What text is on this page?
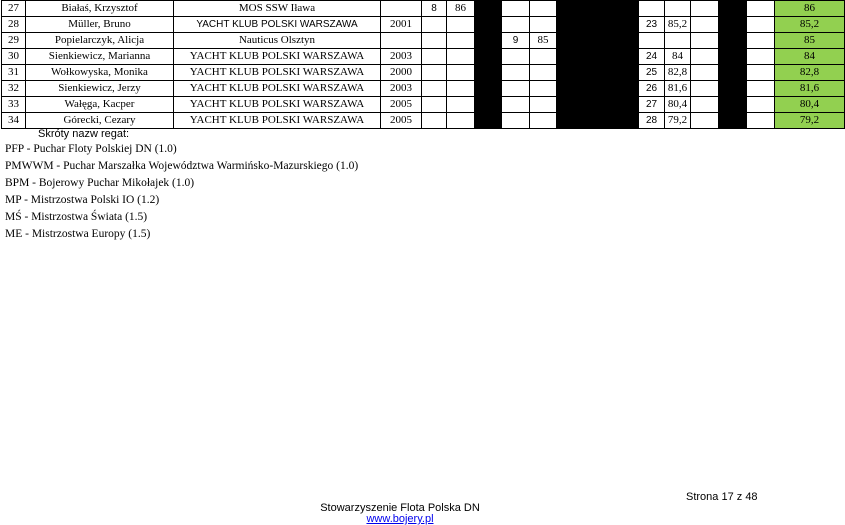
27	Białaś, Krzysztof	MOS SSW Iława		8	86												86
28	Müller, Bruno	YACHT KLUB POLSKI WARSZAWA	2001									23	85,2				85,2
29	Popielarczyk, Alicja	Nauticus Olsztyn					9	85									85
30	Sienkiewicz, Marianna	YACHT KLUB POLSKI WARSZAWA	2003									24	84				84
31	Wołkowyska, Monika	YACHT KLUB POLSKI WARSZAWA	2000									25	82,8				82,8
32	Sienkiewicz, Jerzy	YACHT KLUB POLSKI WARSZAWA	2003									26	81,6				81,6
33	Wałęga, Kacper	YACHT KLUB POLSKI WARSZAWA	2005									27	80,4				80,4
34	Górecki, Cezary	YACHT KLUB POLSKI WARSZAWA	2005									28	79,2				79,2
Skróty nazw regat:
PFP - Puchar Floty Polskiej DN (1.0)
PMWWM - Puchar Marszałka Województwa Warmińsko-Mazurskiego (1.0)
BPM - Bojerowy Puchar Mikołajek (1.0)
MP - Mistrzostwa Polski IO (1.2)
MŚ - Mistrzostwa Świata (1.5)
ME - Mistrzostwa Europy (1.5)
Strona 17 z 48
Stowarzyszenie Flota Polska DN
www.bojery.pl
